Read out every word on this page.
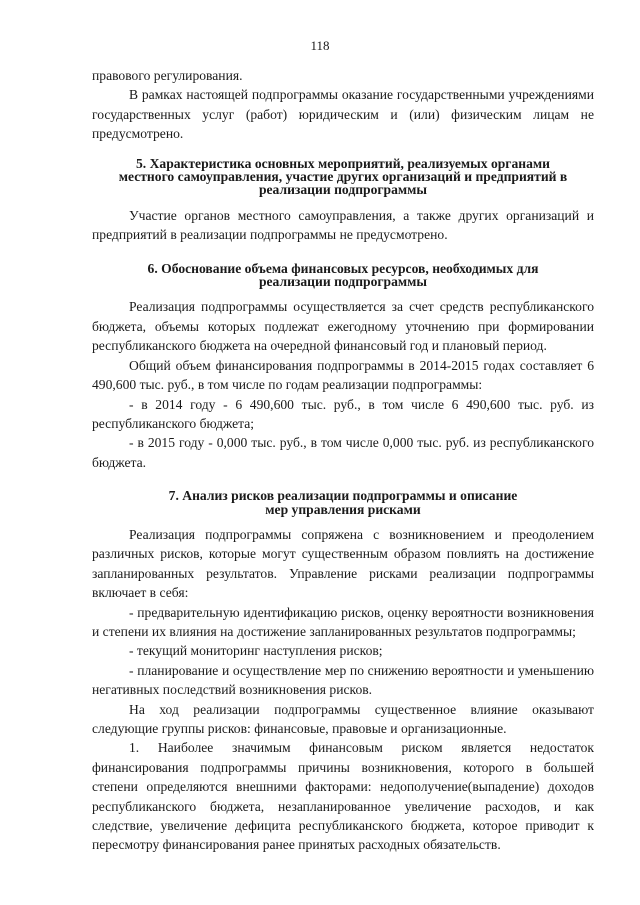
118

правового регулирования.

В рамках настоящей подпрограммы оказание государственными учреждениями государственных услуг (работ) юридическим и (или) физическим лицам не предусмотрено.

5. Характеристика основных мероприятий, реализуемых органами

местного самоуправления, участие других организаций и предприятий в

реализации подпрограммы

Участие органов местного самоуправления, а также других организаций и предприятий в реализации подпрограммы не предусмотрено.

6. Обоснование объема финансовых ресурсов, необходимых для

реализации подпрограммы

Реализация подпрограммы осуществляется за счет средств республиканского бюджета, объемы которых подлежат ежегодному уточнению при формировании республиканского бюджета на очередной финансовый год и плановый период.

Общий объем финансирования подпрограммы в 2014-2015 годах составляет 6 490,600 тыс. руб., в том числе по годам реализации подпрограммы:

- в 2014 году - 6 490,600 тыс. руб., в том числе 6 490,600 тыс. руб. из республиканского бюджета;

- в 2015 году - 0,000 тыс. руб., в том числе 0,000 тыс. руб. из республиканского бюджета.

7. Анализ рисков реализации подпрограммы и описание

мер управления рисками

Реализация подпрограммы сопряжена с возникновением и преодолением различных рисков, которые могут существенным образом повлиять на достижение запланированных результатов. Управление рисками реализации подпрограммы включает в себя:

- предварительную идентификацию рисков, оценку вероятности возникновения и степени их влияния на достижение запланированных результатов подпрограммы;

- текущий мониторинг наступления рисков;

- планирование и осуществление мер по снижению вероятности и уменьшению негативных последствий возникновения рисков.

На ход реализации подпрограммы существенное влияние оказывают следующие группы рисков: финансовые, правовые и организационные.

1. Наиболее значимым финансовым риском является недостаток финансирования подпрограммы причины возникновения, которого в большей степени определяются внешними факторами: недополучение(выпадение) доходов республиканского бюджета, незапланированное увеличение расходов, и как следствие, увеличение дефицита республиканского бюджета, которое приводит к пересмотру финансирования ранее принятых расходных обязательств.
